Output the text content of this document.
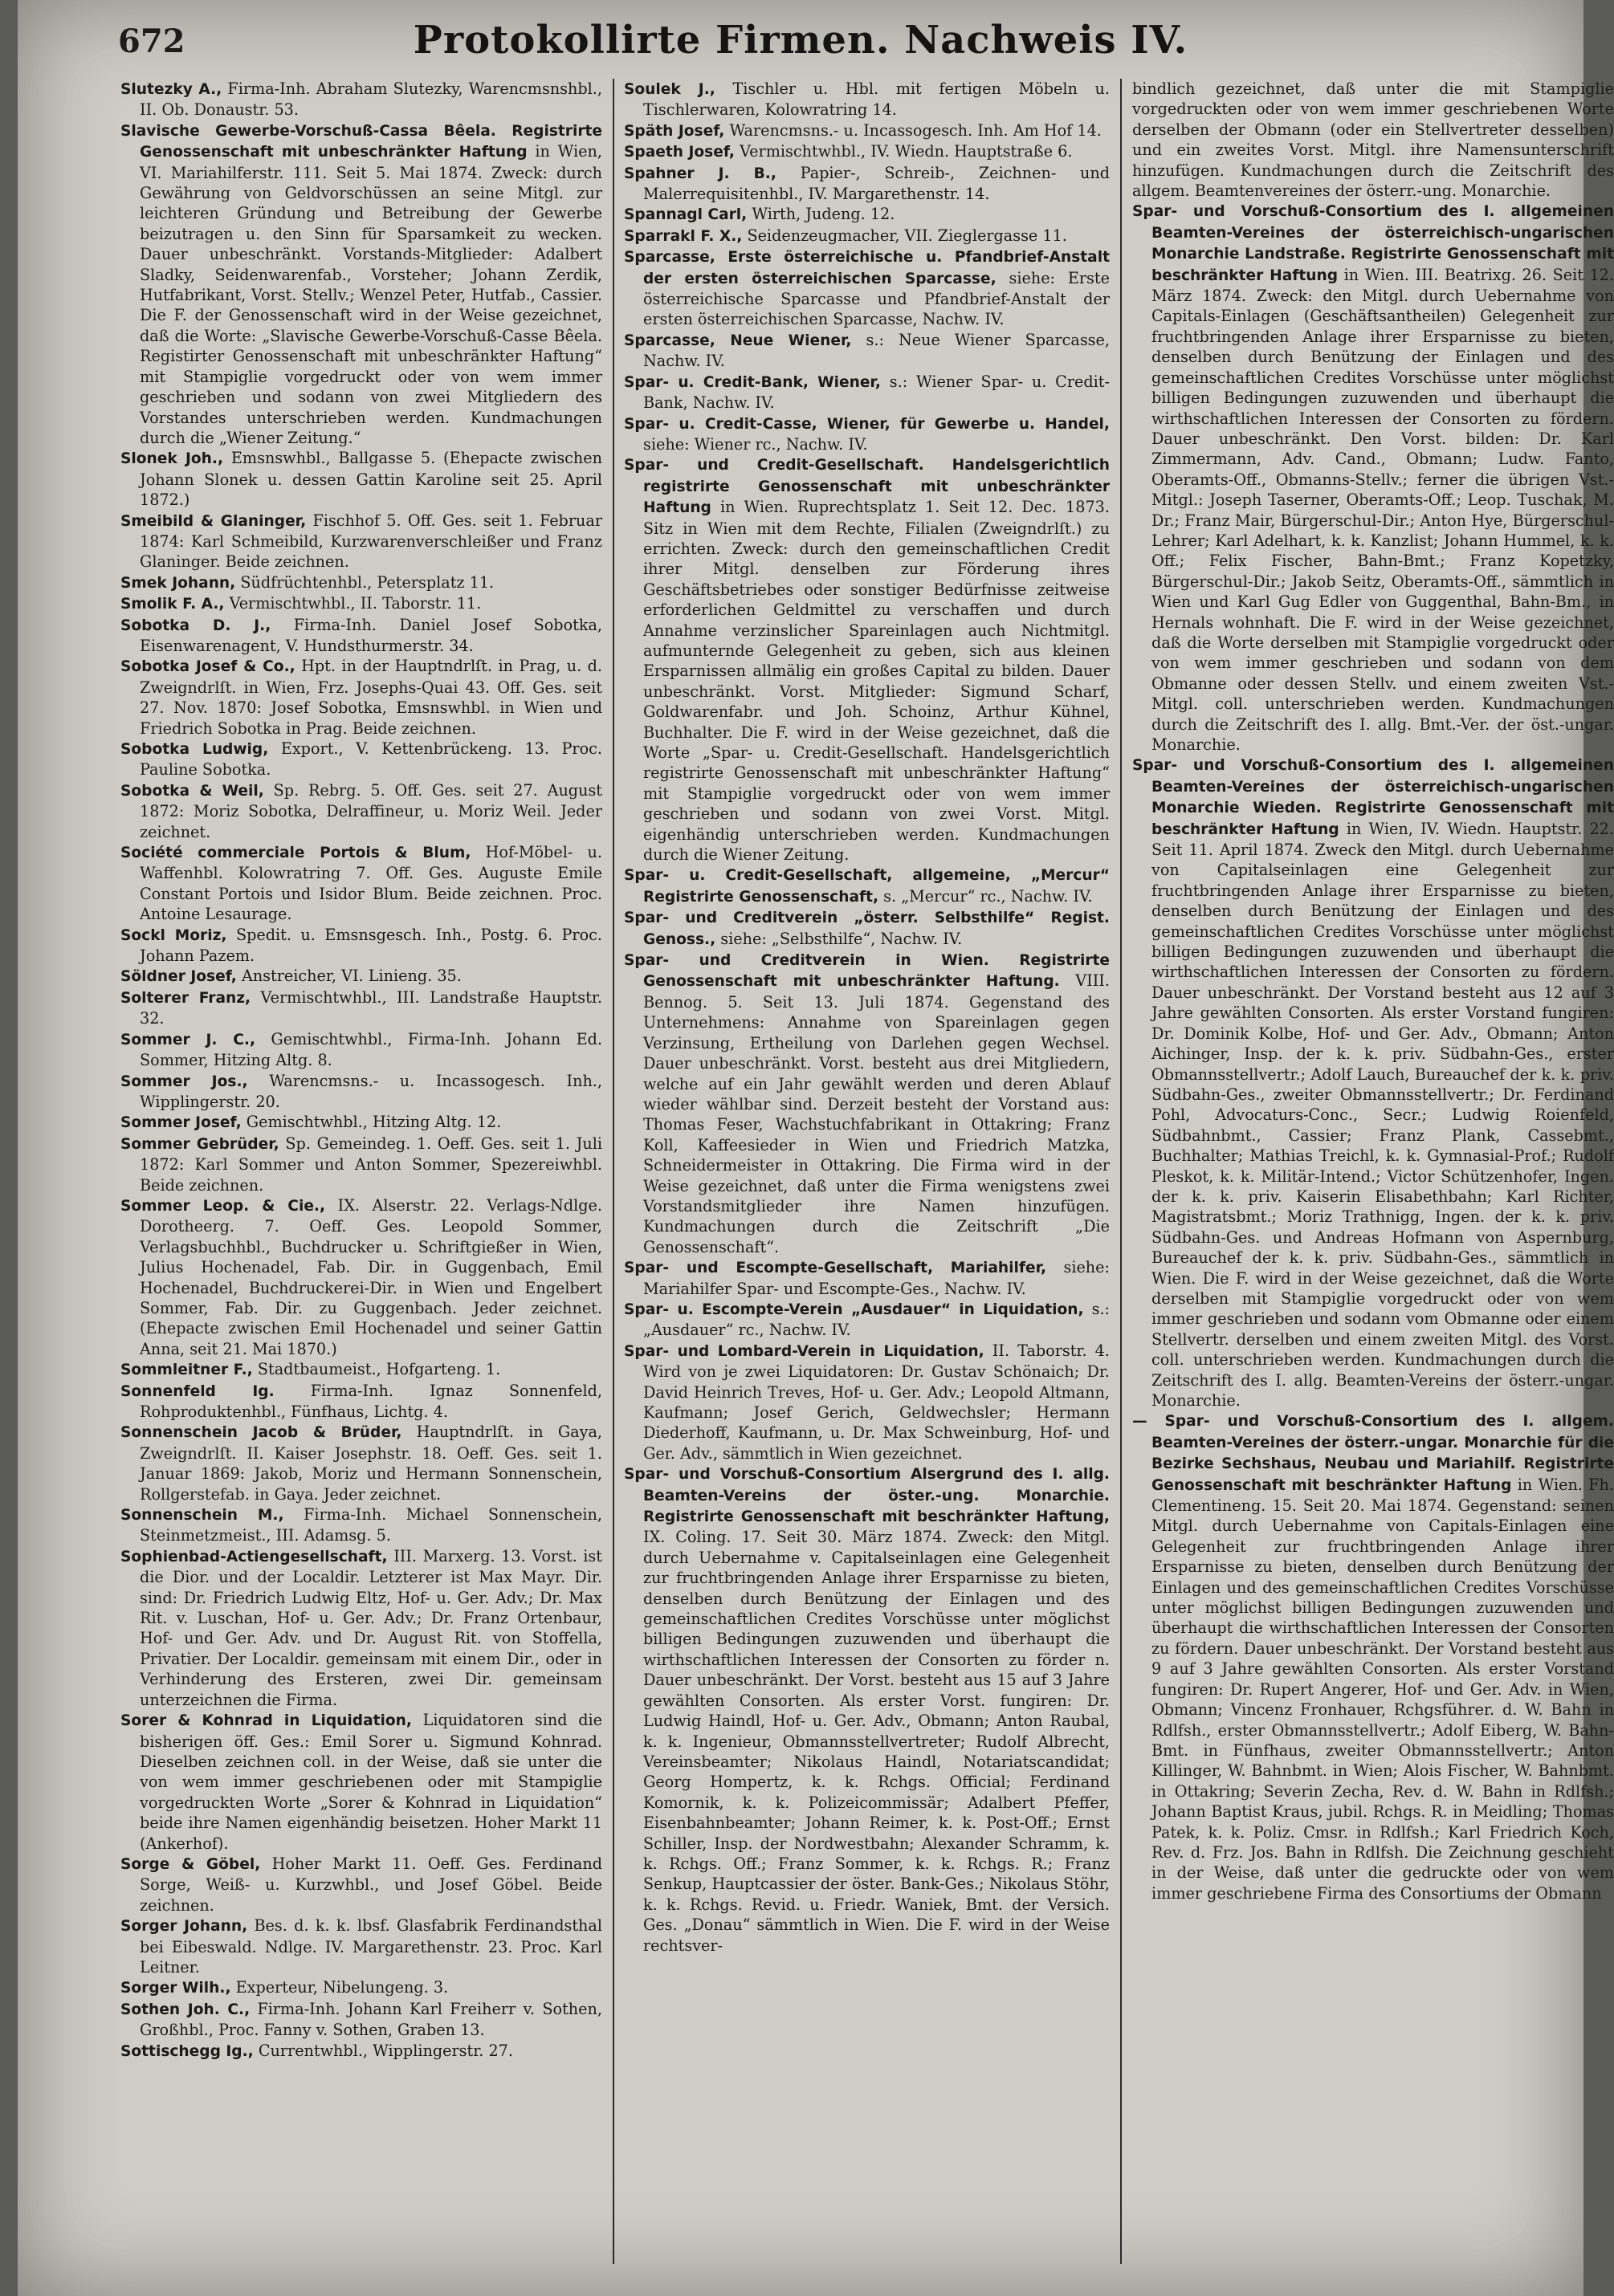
672	Protokollirte Firmen. Nachweis IV.

Slutezky A., Firma-Inh. Abraham Slutezky, Warencmsnshbl., II. Ob. Donaustr. 53.

Slavische Gewerbe-Vorschuß-Cassa Bêela. Registrirte Genossenschaft mit unbeschränkter Haftung in Wien, VI. Mariahilferstr. 111. Seit 5. Mai 1874. Zweck: durch Gewährung von Geldvorschüssen an seine Mitgl. zur leichteren Gründung und Betreibung der Gewerbe beizutragen u. den Sinn für Sparsamkeit zu wecken. Dauer unbeschränkt. Vorstands-Mitglieder: Adalbert Sladky, Seidenwarenfab., Vorsteher; Johann Zerdik, Hutfabrikant, Vorst. Stellv.; Wenzel Peter, Hutfab., Cassier. Die F. der Genossenschaft wird in der Weise gezeichnet, daß die Worte: „Slavische Gewerbe-Vorschuß-Casse Bêela. Registirter Genossenschaft mit unbeschränkter Haftung“ mit Stampiglie vorgedruckt oder von wem immer geschrieben und sodann von zwei Mitgliedern des Vorstandes unterschrieben werden. Kundmachungen durch die „Wiener Zeitung.“

Slonek Joh., Emsnswhbl., Ballgasse 5. (Ehepacte zwischen Johann Slonek u. dessen Gattin Karoline seit 25. April 1872.)

Smeibild & Glaninger, Fischhof 5. Off. Ges. seit 1. Februar 1874: Karl Schmeibild, Kurzwarenverschleißer und Franz Glaninger. Beide zeichnen.

Smek Johann, Südfrüchtenhbl., Petersplatz 11.

Smolik F. A., Vermischtwhbl., II. Taborstr. 11.

Sobotka D. J., Firma-Inh. Daniel Josef Sobotka, Eisenwarenagent, V. Hundsthurmerstr. 34.

Sobotka Josef & Co., Hpt. in der Hauptndrlſt. in Prag, u. d. Zweigndrlſt. in Wien, Frz. Josephs-Quai 43. Off. Ges. seit 27. Nov. 1870: Josef Sobotka, Emsnswhbl. in Wien und Friedrich Sobotka in Prag. Beide zeichnen.

Sobotka Ludwig, Export., V. Kettenbrückeng. 13. Proc. Pauline Sobotka.

Sobotka & Weil, Sp. Rebrg. 5. Off. Ges. seit 27. August 1872: Moriz Sobotka, Delraffineur, u. Moriz Weil. Jeder zeichnet.

Société commerciale Portois & Blum, Hof-Möbel- u. Waffenhbl. Kolowratring 7. Off. Ges. Auguste Emile Constant Portois und Isidor Blum. Beide zeichnen. Proc. Antoine Lesaurage.

Sockl Moriz, Spedit. u. Emsnsgesch. Inh., Postg. 6. Proc. Johann Pazem.

Söldner Josef, Anstreicher, VI. Linieng. 35.

Solterer Franz, Vermischtwhbl., III. Landstraße Hauptstr. 32.

Sommer J. C., Gemischtwhbl., Firma-Inh. Johann Ed. Sommer, Hitzing Altg. 8.

Sommer Jos., Warencmsns.- u. Incassogesch. Inh., Wipplingerstr. 20.

Sommer Josef, Gemischtwhbl., Hitzing Altg. 12.

Sommer Gebrüder, Sp. Gemeindeg. 1. Oeff. Ges. seit 1. Juli 1872: Karl Sommer und Anton Sommer, Spezereiwhbl. Beide zeichnen.

Sommer Leop. & Cie., IX. Alserstr. 22. Verlags-Ndlge. Dorotheerg. 7. Oeff. Ges. Leopold Sommer, Verlagsbuchhbl., Buchdrucker u. Schriftgießer in Wien, Julius Hochenadel, Fab. Dir. in Guggenbach, Emil Hochenadel, Buchdruckerei-Dir. in Wien und Engelbert Sommer, Fab. Dir. zu Guggenbach. Jeder zeichnet. (Ehepacte zwischen Emil Hochenadel und seiner Gattin Anna, seit 21. Mai 1870.)

Sommleitner F., Stadtbaumeist., Hofgarteng. 1.

Sonnenfeld Ig. Firma-Inh. Ignaz Sonnenfeld, Rohproduktenhbl., Fünfhaus, Lichtg. 4.

Sonnenschein Jacob & Brüder, Hauptndrlſt. in Gaya, Zweigndrlſt. II. Kaiser Josephstr. 18. Oeff. Ges. seit 1. Januar 1869: Jakob, Moriz und Hermann Sonnenschein, Rollgerstefab. in Gaya. Jeder zeichnet.

Sonnenschein M., Firma-Inh. Michael Sonnenschein, Steinmetzmeist., III. Adamsg. 5.

Sophienbad-Actiengesellschaft, III. Marxerg. 13. Vorst. ist die Dior. und der Localdir. Letzterer ist Max Mayr. Dir. sind: Dr. Friedrich Ludwig Eltz, Hof- u. Ger. Adv.; Dr. Max Rit. v. Luschan, Hof- u. Ger. Adv.; Dr. Franz Ortenbaur, Hof- und Ger. Adv. und Dr. August Rit. von Stoffella, Privatier. Der Localdir. gemeinsam mit einem Dir., oder in Verhinderung des Ersteren, zwei Dir. gemeinsam unterzeichnen die Firma.

Sorer & Kohnrad in Liquidation, Liquidatoren sind die bisherigen öff. Ges.: Emil Sorer u. Sigmund Kohnrad. Dieselben zeichnen coll. in der Weise, daß sie unter die von wem immer geschriebenen oder mit Stampiglie vorgedruckten Worte „Sorer & Kohnrad in Liquidation“ beide ihre Namen eigenhändig beisetzen. Hoher Markt 11 (Ankerhof).

Sorge & Göbel, Hoher Markt 11. Oeff. Ges. Ferdinand Sorge, Weiß- u. Kurzwhbl., und Josef Göbel. Beide zeichnen.

Sorger Johann, Bes. d. k. k. lbsf. Glasfabrik Ferdinandsthal bei Eibeswald. Ndlge. IV. Margarethenstr. 23. Proc. Karl Leitner.

Sorger Wilh., Experteur, Nibelungeng. 3.

Sothen Joh. C., Firma-Inh. Johann Karl Freiherr v. Sothen, Großhbl., Proc. Fanny v. Sothen, Graben 13.

Sottischegg Ig., Currentwhbl., Wipplingerstr. 27.

Soulek J., Tischler u. Hbl. mit fertigen Möbeln u. Tischlerwaren, Kolowratring 14.

Späth Josef, Warencmsns.- u. Incassogesch. Inh. Am Hof 14.

Spaeth Josef, Vermischtwhbl., IV. Wiedn. Hauptstraße 6.

Spahner J. B., Papier-, Schreib-, Zeichnen- und Malerrequisitenhbl., IV. Margarethenstr. 14.

Spannagl Carl, Wirth, Judeng. 12.

Sparrakl F. X., Seidenzeugmacher, VII. Zieglergasse 11.

Sparcasse, Erste österreichische u. Pfandbrief-Anstalt der ersten österreichischen Sparcasse, siehe: Erste österreichische Sparcasse und Pfandbrief-Anstalt der ersten österreichischen Sparcasse, Nachw. IV.

Sparcasse, Neue Wiener, s.: Neue Wiener Sparcasse, Nachw. IV.

Spar- u. Credit-Bank, Wiener, s.: Wiener Spar- u. Credit-Bank, Nachw. IV.

Spar- u. Credit-Casse, Wiener, für Gewerbe u. Handel, siehe: Wiener rc., Nachw. IV.

Spar- und Credit-Gesellschaft. Handelsgerichtlich registrirte Genossenschaft mit unbeschränkter Haftung in Wien. Ruprechtsplatz 1. Seit 12. Dec. 1873. Sitz in Wien mit dem Rechte, Filialen (Zweigndrlſt.) zu errichten. Zweck: durch den gemeinschaftlichen Credit ihrer Mitgl. denselben zur Förderung ihres Geschäftsbetriebes oder sonstiger Bedürfnisse zeitweise erforderlichen Geldmittel zu verschaffen und durch Annahme verzinslicher Spareinlagen auch Nichtmitgl. aufmunternde Gelegenheit zu geben, sich aus kleinen Ersparnissen allmälig ein großes Capital zu bilden. Dauer unbeschränkt. Vorst. Mitglieder: Sigmund Scharf, Goldwarenfabr. und Joh. Schoinz, Arthur Kühnel, Buchhalter. Die F. wird in der Weise gezeichnet, daß die Worte „Spar- u. Credit-Gesellschaft. Handelsgerichtlich registrirte Genossenschaft mit unbeschränkter Haftung“ mit Stampiglie vorgedruckt oder von wem immer geschrieben und sodann von zwei Vorst. Mitgl. eigenhändig unterschrieben werden. Kundmachungen durch die Wiener Zeitung.

Spar- u. Credit-Gesellschaft, allgemeine, „Mercur“ Registrirte Genossenschaft, s. „Mercur“ rc., Nachw. IV.

Spar- und Creditverein „österr. Selbsthilfe“ Regist. Genoss., siehe: „Selbsthilfe“, Nachw. IV.

Spar- und Creditverein in Wien. Registrirte Genossenschaft mit unbeschränkter Haftung. VIII. Bennog. 5. Seit 13. Juli 1874. Gegenstand des Unternehmens: Annahme von Spareinlagen gegen Verzinsung, Ertheilung von Darlehen gegen Wechsel. Dauer unbeschränkt. Vorst. besteht aus drei Mitgliedern, welche auf ein Jahr gewählt werden und deren Ablauf wieder wählbar sind. Derzeit besteht der Vorstand aus: Thomas Feser, Wachstuchfabrikant in Ottakring; Franz Koll, Kaffeesieder in Wien und Friedrich Matzka, Schneidermeister in Ottakring. Die Firma wird in der Weise gezeichnet, daß unter die Firma wenigstens zwei Vorstandsmitglieder ihre Namen hinzufügen. Kundmachungen durch die Zeitschrift „Die Genossenschaft“.

Spar- und Escompte-Gesellschaft, Mariahilfer, siehe: Mariahilfer Spar- und Escompte-Ges., Nachw. IV.

Spar- u. Escompte-Verein „Ausdauer“ in Liquidation, s.: „Ausdauer“ rc., Nachw. IV.

Spar- und Lombard-Verein in Liquidation, II. Taborstr. 4. Wird von je zwei Liquidatoren: Dr. Gustav Schönaich; Dr. David Heinrich Treves, Hof- u. Ger. Adv.; Leopold Altmann, Kaufmann; Josef Gerich, Geldwechsler; Hermann Diederhoff, Kaufmann, u. Dr. Max Schweinburg, Hof- und Ger. Adv., sämmtlich in Wien gezeichnet.

Spar- und Vorschuß-Consortium Alsergrund des I. allg. Beamten-Vereins der öster.-ung. Monarchie. Registrirte Genossenschaft mit beschränkter Haftung, IX. Coling. 17. Seit 30. März 1874. Zweck: den Mitgl. durch Uebernahme v. Capitalseinlagen eine Gelegenheit zur fruchtbringenden Anlage ihrer Ersparnisse zu bieten, denselben durch Benützung der Einlagen und des gemeinschaftlichen Credites Vorschüsse unter möglichst billigen Bedingungen zuzuwenden und überhaupt die wirthschaftlichen Interessen der Consorten zu förder n. Dauer unbeschränkt. Der Vorst. besteht aus 15 auf 3 Jahre gewählten Consorten. Als erster Vorst. fungiren: Dr. Ludwig Haindl, Hof- u. Ger. Adv., Obmann; Anton Raubal, k. k. Ingenieur, Obmannsstellvertreter; Rudolf Albrecht, Vereinsbeamter; Nikolaus Haindl, Notariatscandidat; Georg Hompertz, k. k. Rchgs. Official; Ferdinand Komornik, k. k. Polizeicommissär; Adalbert Pfeffer, Eisenbahnbeamter; Johann Reimer, k. k. Post-Off.; Ernst Schiller, Insp. der Nordwestbahn; Alexander Schramm, k. k. Rchgs. Off.; Franz Sommer, k. k. Rchgs. R.; Franz Senkup, Hauptcassier der öster. Bank-Ges.; Nikolaus Stöhr, k. k. Rchgs. Revid. u. Friedr. Waniek, Bmt. der Versich. Ges. „Donau“ sämmtlich in Wien. Die F. wird in der Weise rechtsver-

bindlich gezeichnet, daß unter die mit Stampiglie vorgedruckten oder von wem immer geschriebenen Worte derselben der Obmann (oder ein Stellvertreter desselben) und ein zweites Vorst. Mitgl. ihre Namensunterschrift hinzufügen. Kundmachungen durch die Zeitschrift des allgem. Beamtenvereines der österr.-ung. Monarchie.

Spar- und Vorschuß-Consortium des I. allgemeinen Beamten-Vereines der österreichisch-ungarischen Monarchie Landstraße. Registrirte Genossenschaft mit beschränkter Haftung in Wien. III. Beatrixg. 26. Seit 12. März 1874. Zweck: den Mitgl. durch Uebernahme von Capitals-Einlagen (Geschäftsantheilen) Gelegenheit zur fruchtbringenden Anlage ihrer Ersparnisse zu bieten, denselben durch Benützung der Einlagen und des gemeinschaftlichen Credites Vorschüsse unter möglichst billigen Bedingungen zuzuwenden und überhaupt die wirthschaftlichen Interessen der Consorten zu fördern. Dauer unbeschränkt. Den Vorst. bilden: Dr. Karl Zimmermann, Adv. Cand., Obmann; Ludw. Fanto, Oberamts-Off., Obmanns-Stellv.; ferner die übrigen Vst.-Mitgl.: Joseph Taserner, Oberamts-Off.; Leop. Tuschak, M. Dr.; Franz Mair, Bürgerschul-Dir.; Anton Hye, Bürgerschul-Lehrer; Karl Adelhart, k. k. Kanzlist; Johann Hummel, k. k. Off.; Felix Fischer, Bahn-Bmt.; Franz Kopetzky, Bürgerschul-Dir.; Jakob Seitz, Oberamts-Off., sämmtlich in Wien und Karl Gug Edler von Guggenthal, Bahn-Bm., in Hernals wohnhaft. Die F. wird in der Weise gezeichnet, daß die Worte derselben mit Stampiglie vorgedruckt oder von wem immer geschrieben und sodann von dem Obmanne oder dessen Stellv. und einem zweiten Vst.-Mitgl. coll. unterschrieben werden. Kundmachungen durch die Zeitschrift des I. allg. Bmt.-Ver. der öst.-ungar. Monarchie.

Spar- und Vorschuß-Consortium des I. allgemeinen Beamten-Vereines der österreichisch-ungarischen Monarchie Wieden. Registrirte Genossenschaft mit beschränkter Haftung in Wien, IV. Wiedn. Hauptstr. 22. Seit 11. April 1874. Zweck den Mitgl. durch Uebernahme von Capitalseinlagen eine Gelegenheit zur fruchtbringenden Anlage ihrer Ersparnisse zu bieten, denselben durch Benützung der Einlagen und des gemeinschaftlichen Credites Vorschüsse unter möglichst billigen Bedingungen zuzuwenden und überhaupt die wirthschaftlichen Interessen der Consorten zu fördern. Dauer unbeschränkt. Der Vorstand besteht aus 12 auf 3 Jahre gewählten Consorten. Als erster Vorstand fungiren: Dr. Dominik Kolbe, Hof- und Ger. Adv., Obmann; Anton Aichinger, Insp. der k. k. priv. Südbahn-Ges., erster Obmannsstellvertr.; Adolf Lauch, Bureauchef der k. k. priv. Südbahn-Ges., zweiter Obmannsstellvertr.; Dr. Ferdinand Pohl, Advocaturs-Conc., Secr.; Ludwig Roienfeld, Südbahnbmt., Cassier; Franz Plank, Cassebmt., Buchhalter; Mathias Treichl, k. k. Gymnasial-Prof.; Rudolf Pleskot, k. k. Militär-Intend.; Victor Schützenhofer, Ingen. der k. k. priv. Kaiserin Elisabethbahn; Karl Richter, Magistratsbmt.; Moriz Trathnigg, Ingen. der k. k. priv. Südbahn-Ges. und Andreas Hofmann von Aspernburg, Bureauchef der k. k. priv. Südbahn-Ges., sämmtlich in Wien. Die F. wird in der Weise gezeichnet, daß die Worte derselben mit Stampiglie vorgedruckt oder von wem immer geschrieben und sodann vom Obmanne oder einem Stellvertr. derselben und einem zweiten Mitgl. des Vorst. coll. unterschrieben werden. Kundmachungen durch die Zeitschrift des I. allg. Beamten-Vereins der österr.-ungar. Monarchie.

— Spar- und Vorschuß-Consortium des I. allgem. Beamten-Vereines der österr.-ungar. Monarchie für die Bezirke Sechshaus, Neubau und Mariahilf. Registrirte Genossenschaft mit beschränkter Haftung in Wien. Fh. Clementineng. 15. Seit 20. Mai 1874. Gegenstand: seinen Mitgl. durch Uebernahme von Capitals-Einlagen eine Gelegenheit zur fruchtbringenden Anlage ihrer Ersparnisse zu bieten, denselben durch Benützung der Einlagen und des gemeinschaftlichen Credites Vorschüsse unter möglichst billigen Bedingungen zuzuwenden und überhaupt die wirthschaftlichen Interessen der Consorten zu fördern. Dauer unbeschränkt. Der Vorstand besteht aus 9 auf 3 Jahre gewählten Consorten. Als erster Vorstand fungiren: Dr. Rupert Angerer, Hof- und Ger. Adv. in Wien, Obmann; Vincenz Fronhauer, Rchgsführer. d. W. Bahn in Rdlfsh., erster Obmannsstellvertr.; Adolf Eiberg, W. Bahn-Bmt. in Fünfhaus, zweiter Obmannsstellvertr.; Anton Killinger, W. Bahnbmt. in Wien; Alois Fischer, W. Bahnbmt. in Ottakring; Severin Zecha, Rev. d. W. Bahn in Rdlfsh.; Johann Baptist Kraus, jubil. Rchgs. R. in Meidling; Thomas Patek, k. k. Poliz. Cmsr. in Rdlfsh.; Karl Friedrich Koch, Rev. d. Frz. Jos. Bahn in Rdlfsh. Die Zeichnung geschieht in der Weise, daß unter die gedruckte oder von wem immer geschriebene Firma des Consortiums der Obmann
